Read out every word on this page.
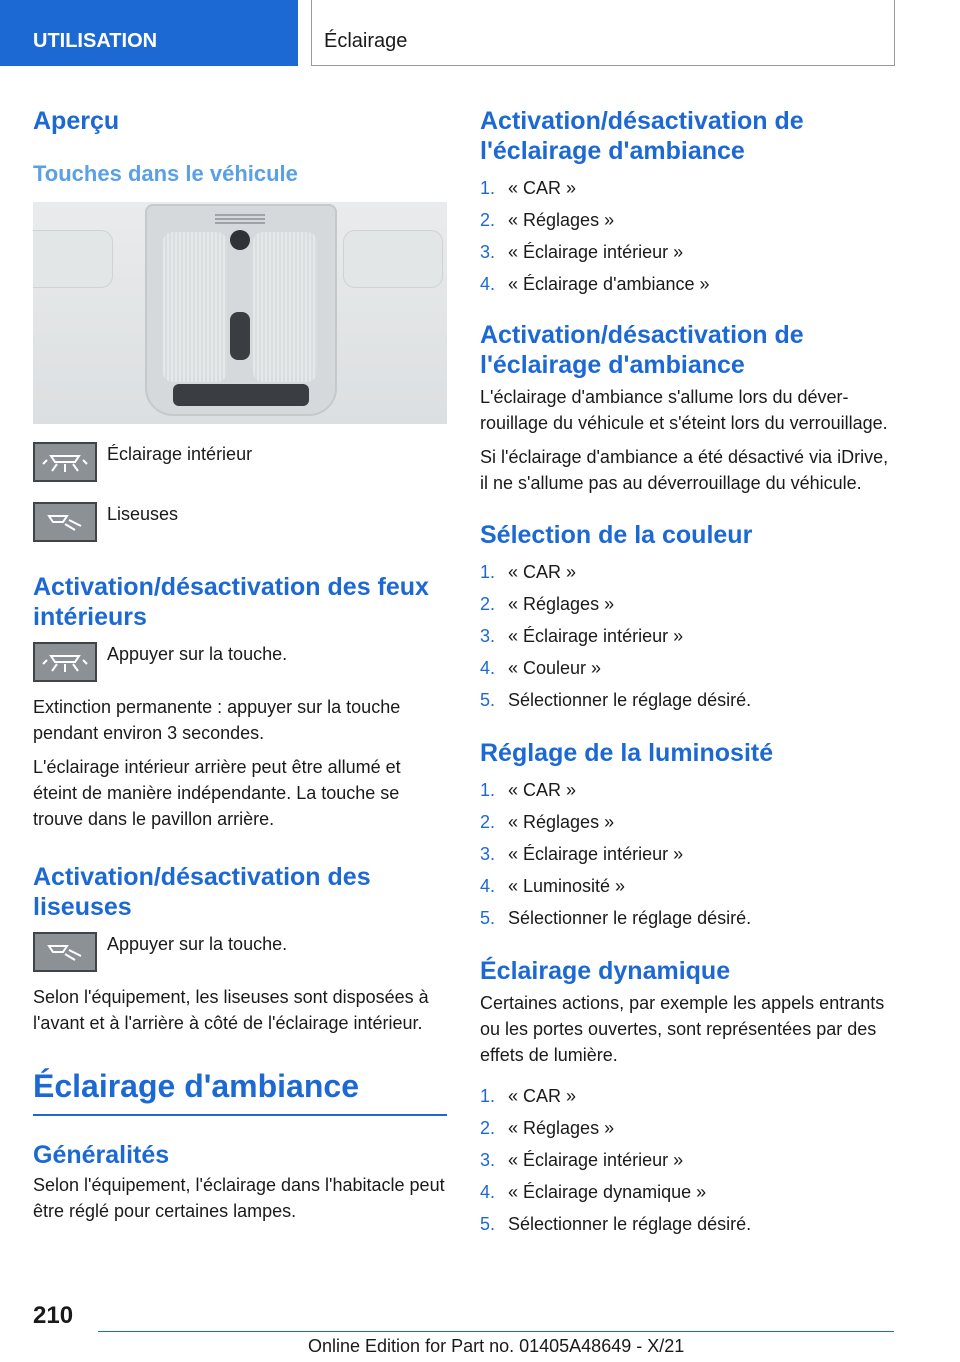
UTILISATION	Éclairage
Aperçu
Touches dans le véhicule
Éclairage intérieur
Liseuses
Activation/désactivation des feux intérieurs
Appuyer sur la touche.

Extinction permanente : appuyer sur la touche pendant environ 3 secondes.

L'éclairage intérieur arrière peut être allumé et éteint de manière indépendante. La touche se trouve dans le pavillon arrière.

Activation/désactivation des liseuses
Appuyer sur la touche.

Selon l'équipement, les liseuses sont disposées à l'avant et à l'arrière à côté de l'éclairage intérieur.

Éclairage d'ambiance
Généralités

Selon l'équipement, l'éclairage dans l'habitacle peut être réglé pour certaines lampes.

Activation/désactivation de l'éclairage d'ambiance
1. « CAR »
2. « Réglages »
3. « Éclairage intérieur »
4. « Éclairage d'ambiance »
Activation/désactivation de l'éclairage d'ambiance

L'éclairage d'ambiance s'allume lors du déverrouillage du véhicule et s'éteint lors du verrouillage.

Si l'éclairage d'ambiance a été désactivé via iDrive, il ne s'allume pas au déverrouillage du véhicule.

Sélection de la couleur
1. « CAR »
2. « Réglages »
3. « Éclairage intérieur »
4. « Couleur »
5. Sélectionner le réglage désiré.
Réglage de la luminosité
1. « CAR »
2. « Réglages »
3. « Éclairage intérieur »
4. « Luminosité »
5. Sélectionner le réglage désiré.
Éclairage dynamique

Certaines actions, par exemple les appels entrants ou les portes ouvertes, sont représentées par des effets de lumière.

1. « CAR »
2. « Réglages »
3. « Éclairage intérieur »
4. « Éclairage dynamique »
5. Sélectionner le réglage désiré.
210
Online Edition for Part no. 01405A48649 - X/21
